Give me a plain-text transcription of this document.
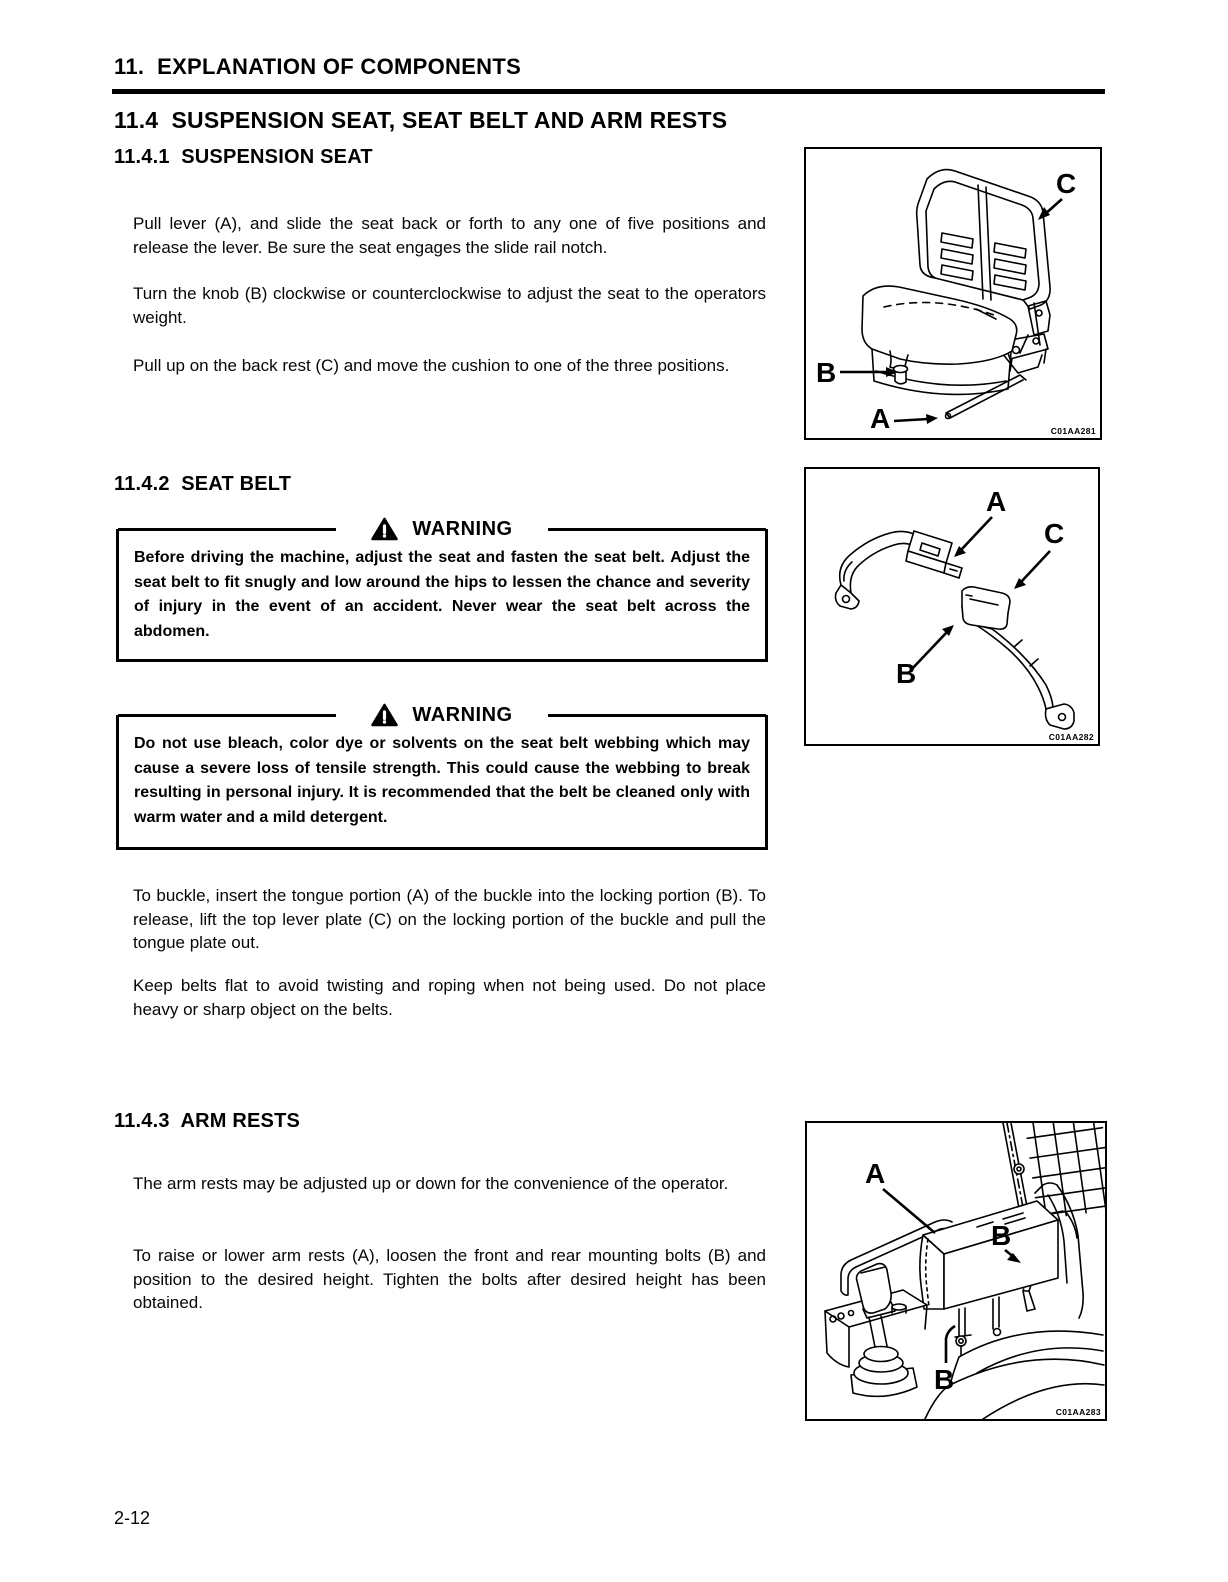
11.  EXPLANATION OF COMPONENTS
11.4  SUSPENSION SEAT, SEAT BELT AND ARM RESTS
11.4.1  SUSPENSION SEAT

Pull lever (A), and slide the seat back or forth to any one of five positions and release the lever. Be sure the seat engages the slide rail notch.

Turn the knob (B) clockwise or counterclockwise to adjust the seat to the operators weight.

Pull up on the back rest (C) and move the cushion to one of the three positions.

C
B
A	C01AA281
11.4.2  SEAT BELT
WARNING

Before driving the machine, adjust the seat and fasten the seat belt. Adjust the seat belt to fit snugly and low around the hips to lessen the chance and severity of injury in the event of an accident. Never wear the seat belt across the abdomen.

A
C
B
C01AA282
WARNING

Do not use bleach, color dye or solvents on the seat belt webbing which may cause a severe loss of tensile strength. This could cause the webbing to break resulting in personal injury. It is recommended that the belt be cleaned only with warm water and a mild detergent.

To buckle, insert the tongue portion (A) of the buckle into the locking portion (B). To release, lift the top lever plate (C) on the locking portion of the buckle and pull the tongue plate out.

Keep belts flat to avoid twisting and roping when not being used. Do not place heavy or sharp object on the belts.

11.4.3  ARM RESTS

The arm rests may be adjusted up or down for the convenience of the operator.

To raise or lower arm rests (A), loosen the front and rear mounting bolts (B) and position to the desired height. Tighten the bolts after desired height has been obtained.

A
B
B
C01AA283
2-12
